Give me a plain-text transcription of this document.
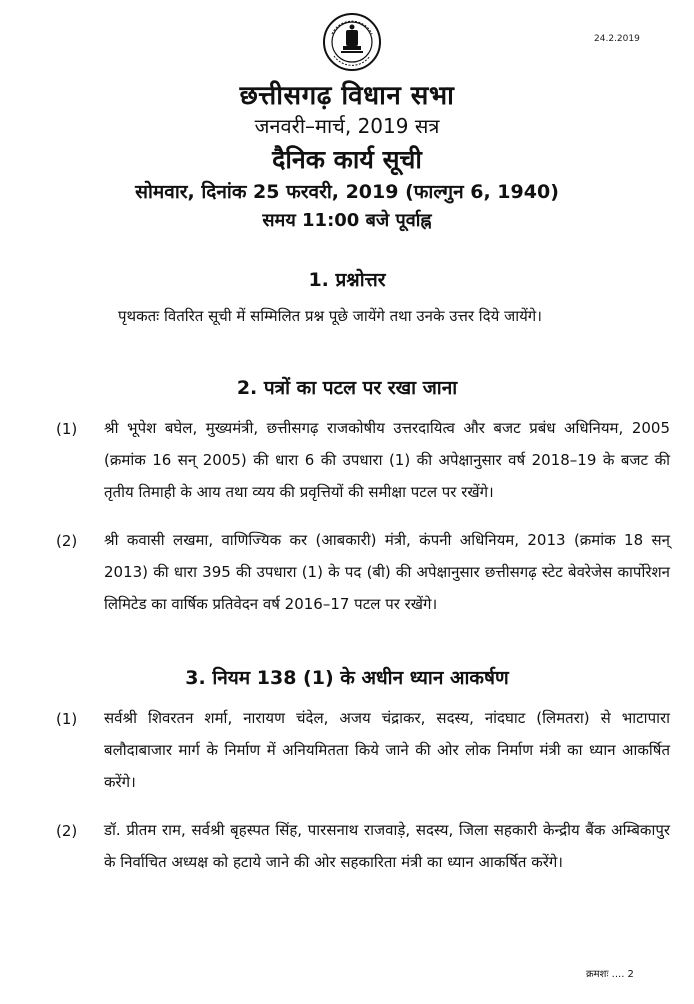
24.2.2019
छत्तीसगढ़ विधान सभा
जनवरी–मार्च, 2019 सत्र
दैनिक कार्य सूची
सोमवार, दिनांक 25 फरवरी, 2019 (फाल्गुन 6, 1940)
समय 11:00 बजे पूर्वाह्न
1. प्रश्नोत्तर
पृथकतः वितरित सूची में सम्मिलित प्रश्न पूछे जायेंगे तथा उनके उत्तर दिये जायेंगे।
2. पत्रों का पटल पर रखा जाना
(1) श्री भूपेश बघेल, मुख्यमंत्री, छत्तीसगढ़ राजकोषीय उत्तरदायित्व और बजट प्रबंध अधिनियम, 2005 (क्रमांक 16 सन् 2005) की धारा 6 की उपधारा (1) की अपेक्षानुसार वर्ष 2018–19 के बजट की तृतीय तिमाही के आय तथा व्यय की प्रवृत्तियों की समीक्षा पटल पर रखेंगे।
(2) श्री कवासी लखमा, वाणिज्यिक कर (आबकारी) मंत्री, कंपनी अधिनियम, 2013 (क्रमांक 18 सन् 2013) की धारा 395 की उपधारा (1) के पद (बी) की अपेक्षानुसार छत्तीसगढ़ स्टेट बेवरेजेस कार्पोरेशन लिमिटेड का वार्षिक प्रतिवेदन वर्ष 2016–17 पटल पर रखेंगे।
3. नियम 138 (1) के अधीन ध्यान आकर्षण
(1) सर्वश्री शिवरतन शर्मा, नारायण चंदेल, अजय चंद्राकर, सदस्य, नांदघाट (लिमतरा) से भाटापारा बलौदाबाजार मार्ग के निर्माण में अनियमितता किये जाने की ओर लोक निर्माण मंत्री का ध्यान आकर्षित करेंगे।
(2) डॉ. प्रीतम राम, सर्वश्री बृहस्पत सिंह, पारसनाथ राजवाड़े, सदस्य, जिला सहकारी केन्द्रीय बैंक अम्बिकापुर के निर्वाचित अध्यक्ष को हटाये जाने की ओर सहकारिता मंत्री का ध्यान आकर्षित करेंगे।
क्रमशः .... 2
